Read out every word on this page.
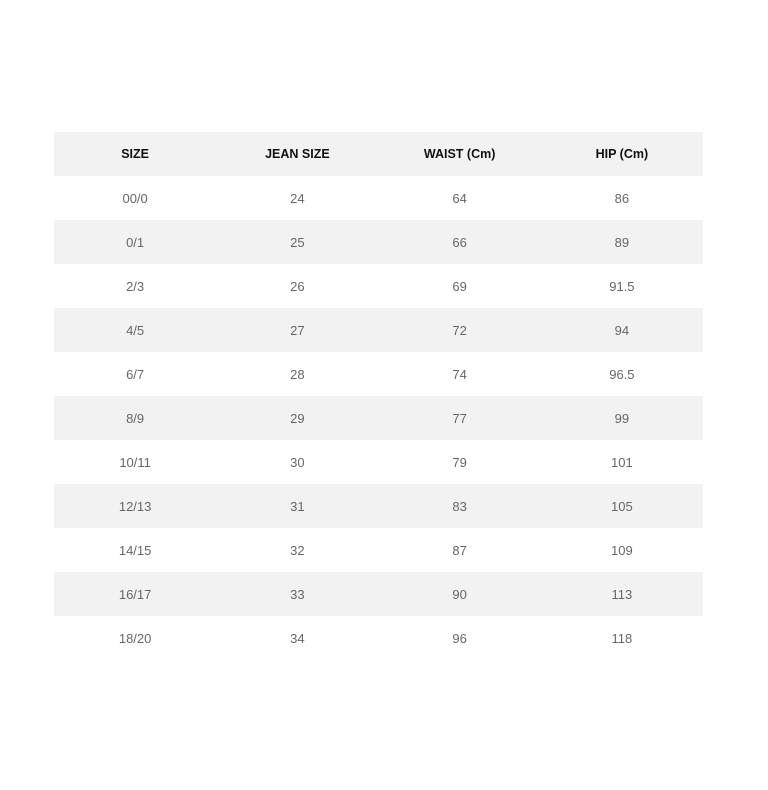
SIZE	JEAN SIZE	WAIST (Cm)	HIP (Cm)
00/0	24	64	86
0/1	25	66	89
2/3	26	69	91.5
4/5	27	72	94
6/7	28	74	96.5
8/9	29	77	99
10/11	30	79	101
12/13	31	83	105
14/15	32	87	109
16/17	33	90	113
18/20	34	96	118
